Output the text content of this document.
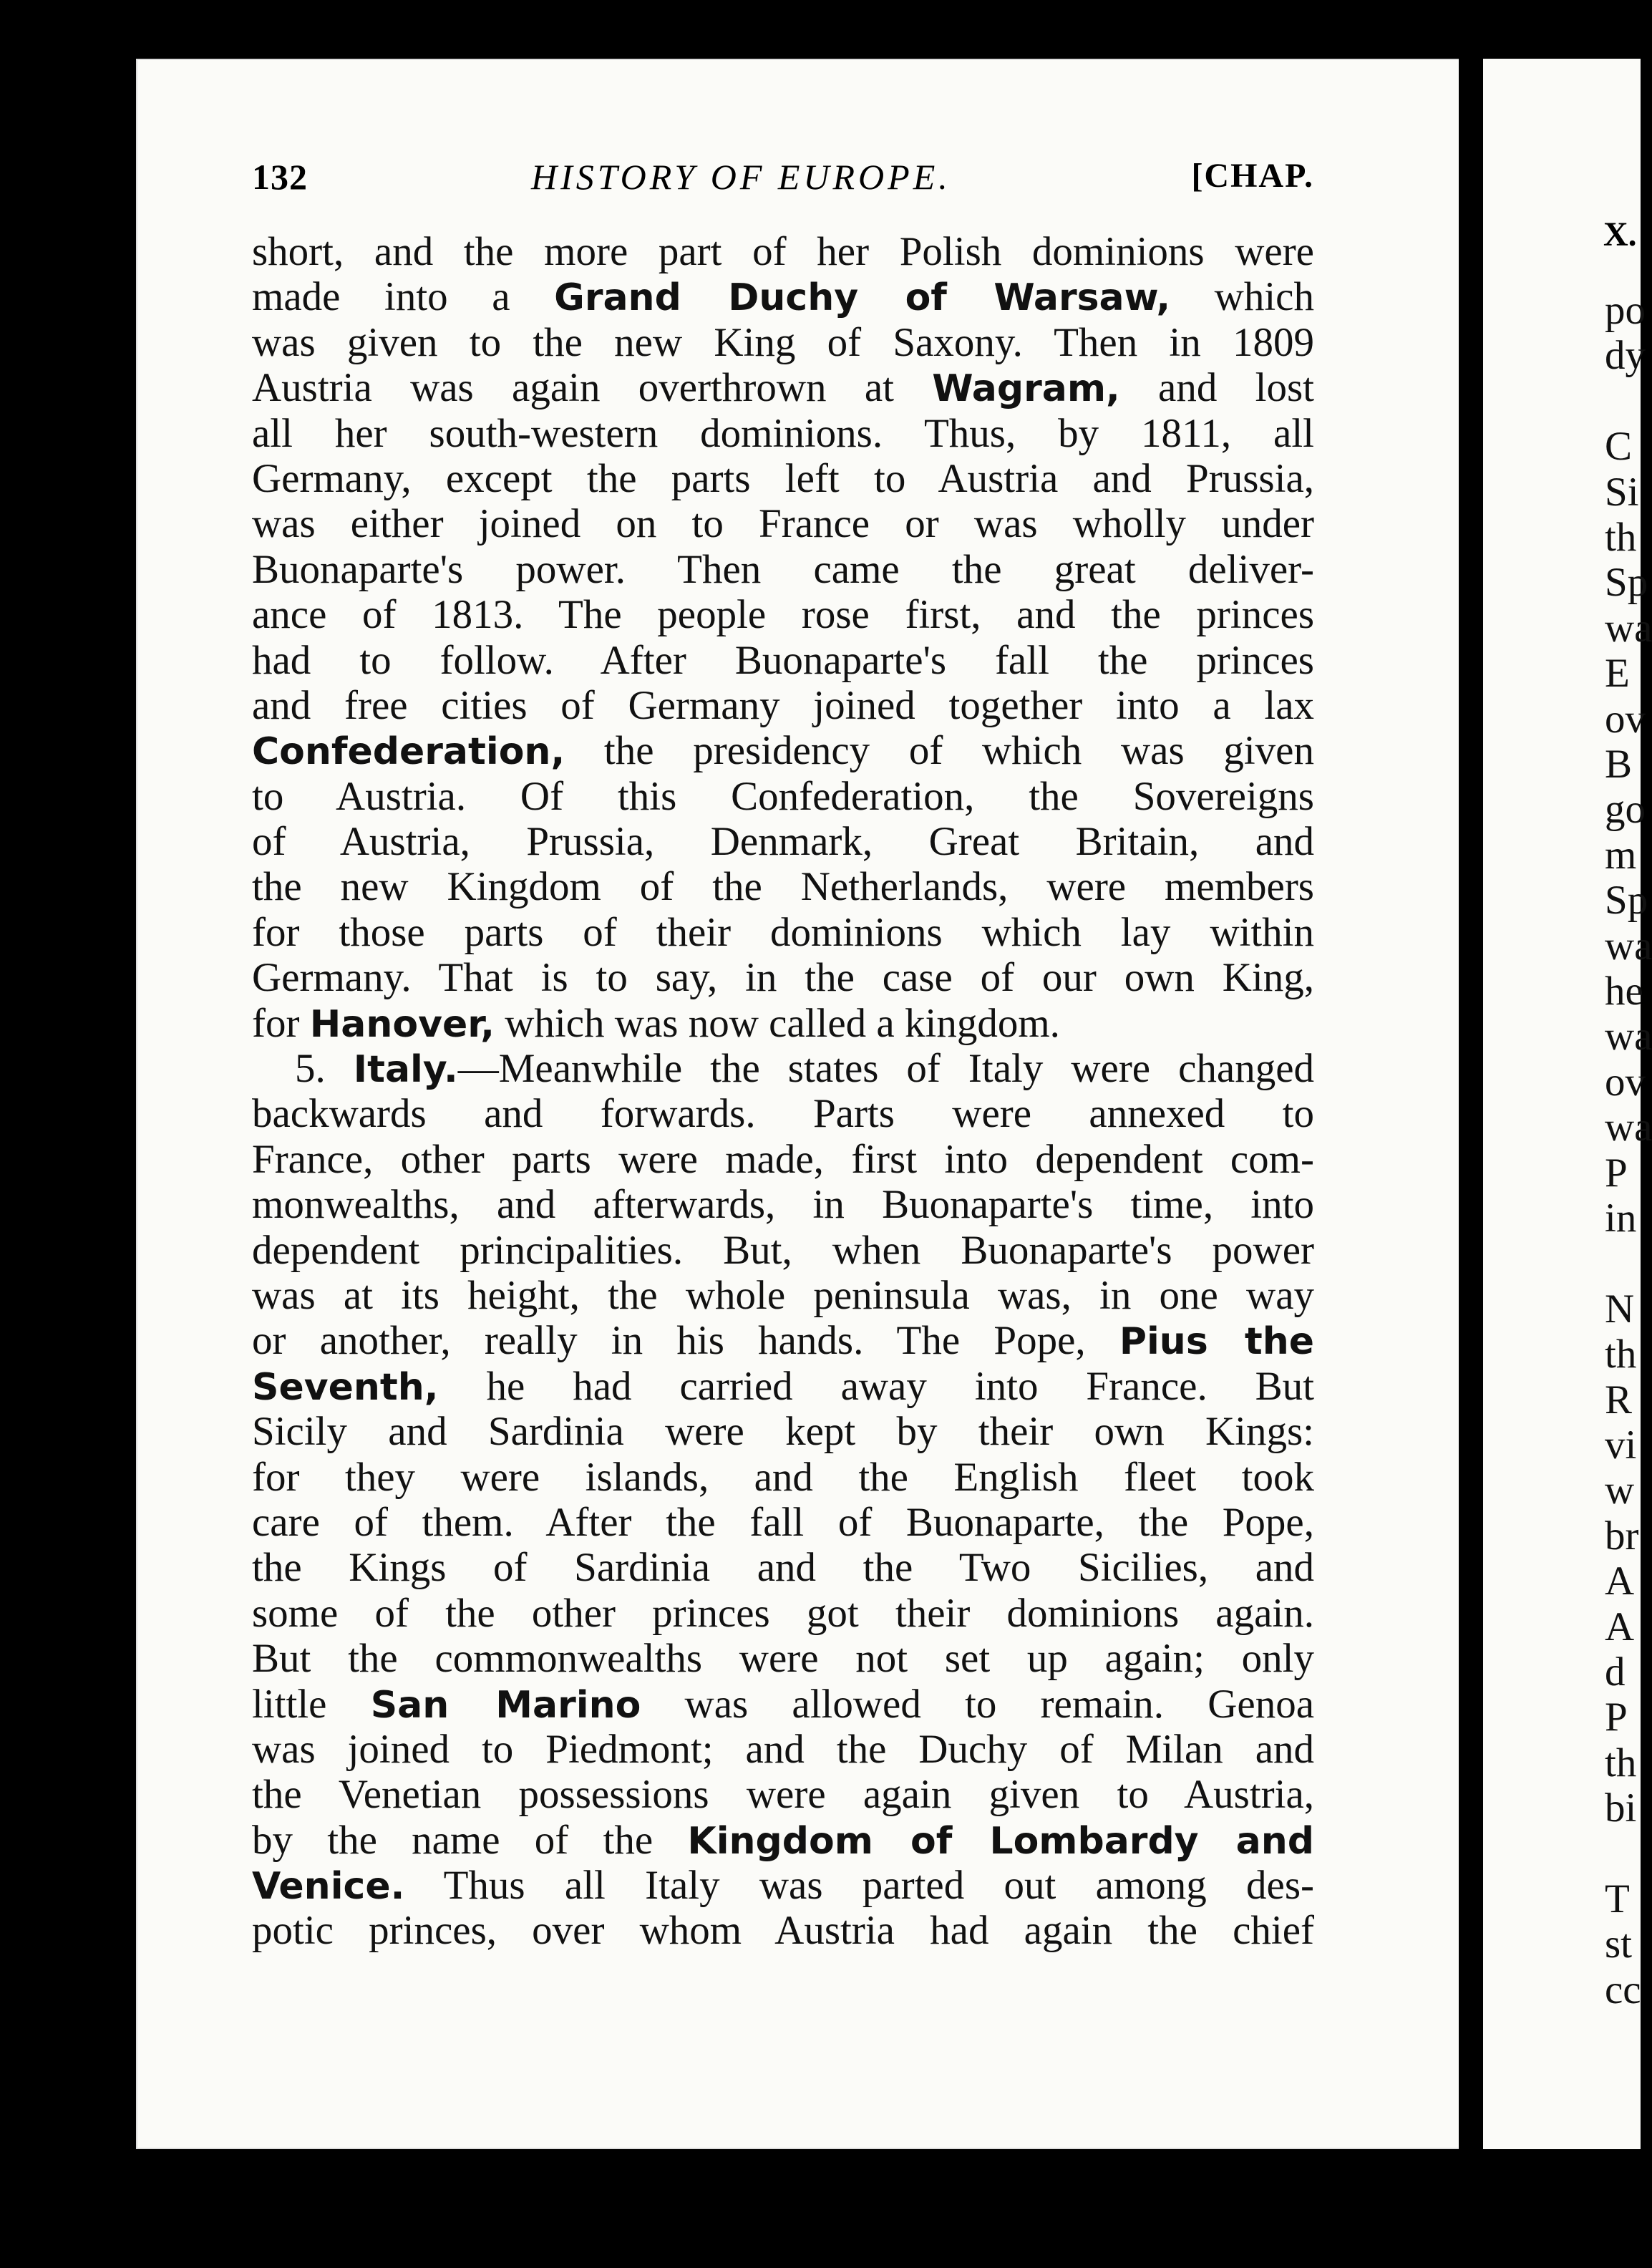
X.
po
dy
C
Si
th
Sp
wa
E
ov
B
go
m
Sp
wa
he
wa
ov
wa
P
in
N
th
R
vi
w
br
A
A
d
P
th
bi
T
st
cc
132	HISTORY OF EUROPE.	[CHAP.
short, and the more part of her Polish dominions were
made into a Grand Duchy of Warsaw, which
was given to the new King of Saxony. Then in 1809
Austria was again overthrown at Wagram, and lost
all her south-western dominions. Thus, by 1811, all
Germany, except the parts left to Austria and Prussia,
was either joined on to France or was wholly under
Buonaparte's power. Then came the great deliver-
ance of 1813. The people rose first, and the princes
had to follow. After Buonaparte's fall the princes
and free cities of Germany joined together into a lax
Confederation, the presidency of which was given
to Austria. Of this Confederation, the Sovereigns
of Austria, Prussia, Denmark, Great Britain, and
the new Kingdom of the Netherlands, were members
for those parts of their dominions which lay within
Germany. That is to say, in the case of our own King,
for Hanover, which was now called a kingdom.
5. Italy.—Meanwhile the states of Italy were changed
backwards and forwards. Parts were annexed to
France, other parts were made, first into dependent com-
monwealths, and afterwards, in Buonaparte's time, into
dependent principalities. But, when Buonaparte's power
was at its height, the whole peninsula was, in one way
or another, really in his hands. The Pope, Pius the
Seventh, he had carried away into France. But
Sicily and Sardinia were kept by their own Kings:
for they were islands, and the English fleet took
care of them. After the fall of Buonaparte, the Pope,
the Kings of Sardinia and the Two Sicilies, and
some of the other princes got their dominions again.
But the commonwealths were not set up again; only
little San Marino was allowed to remain. Genoa
was joined to Piedmont; and the Duchy of Milan and
the Venetian possessions were again given to Austria,
by the name of the Kingdom of Lombardy and
Venice. Thus all Italy was parted out among des-
potic princes, over whom Austria had again the chief
